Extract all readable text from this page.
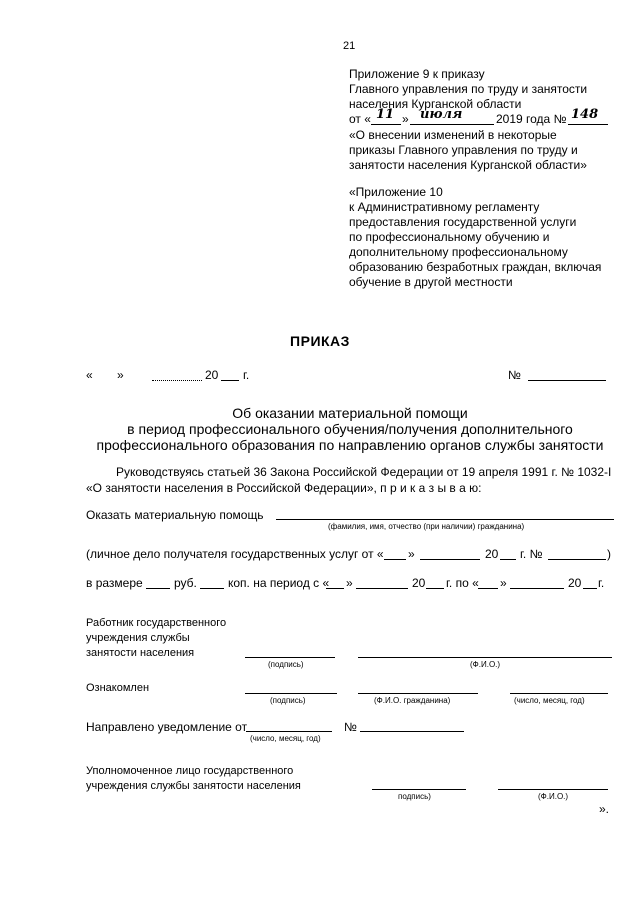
21
Приложение 9 к приказу
Главного управления по труду и занятости
населения Курганской области
от « 11 » июля	2019 года № 148
«О внесении изменений в некоторые
приказы Главного управления по труду и
занятости населения Курганской области»
«Приложение 10
к Административному регламенту
предоставления государственной услуги
по профессиональному обучению и
дополнительному профессиональному
образованию безработных граждан, включая
обучение в другой местности
ПРИКАЗ
« »	20 г.	№
Об оказании материальной помощи
в период профессионального обучения/получения дополнительного
профессионального образования по направлению органов службы занятости
Руководствуясь статьей 36 Закона Российской Федерации от 19 апреля 1991 г. № 1032-I
«О занятости населения в Российской Федерации», п р и к а з ы в а ю:
Оказать материальную помощь
(фамилия, имя, отчество (при наличии) гражданина)
(личное дело получателя государственных услуг от « »	20 г. №	)
в размере	руб.	коп. на период с « »	20 г. по « »	20 г.
Работник государственного
учреждения службы
занятости населения
(подпись)	(Ф.И.О.)
Ознакомлен
(подпись)	(Ф.И.О. гражданина)	(число, месяц, год)
Направлено уведомление от	№
(число, месяц, год)
Уполномоченное лицо государственного
учреждения службы занятости населения
подпись)	(Ф.И.О.)
».
